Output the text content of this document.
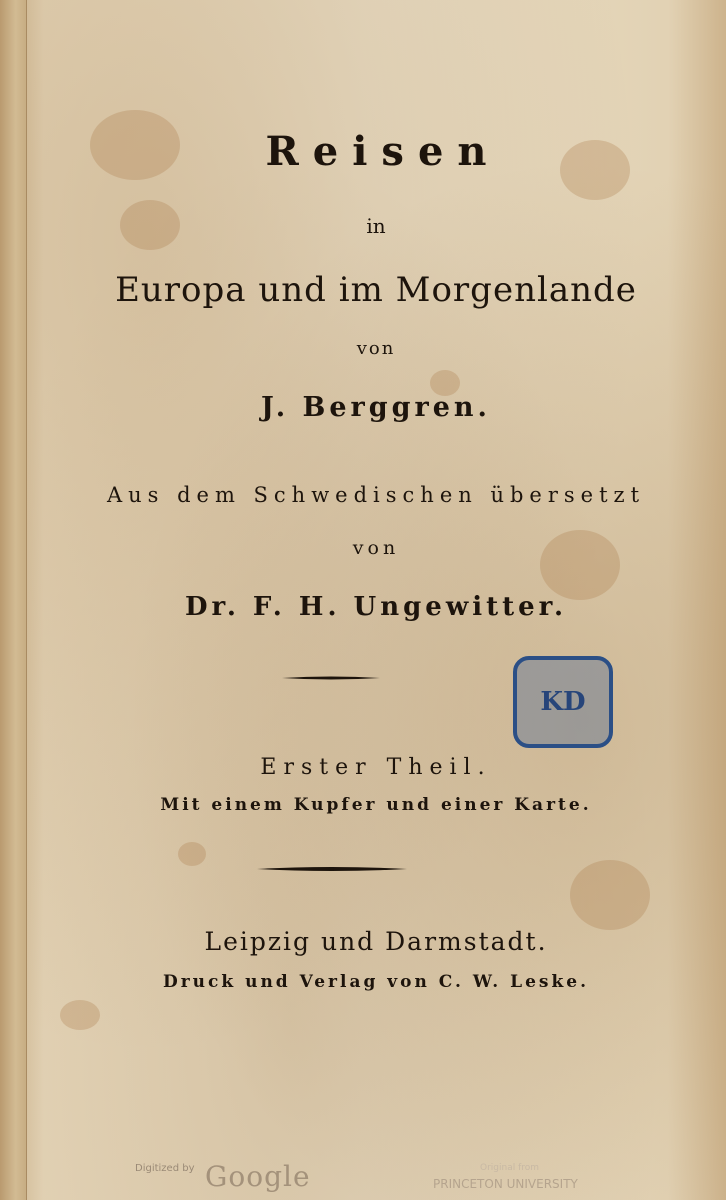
Reisen
in
Europa und im Morgenlande
von
J. Berggren.
Aus dem Schwedischen übersetzt
von
Dr. F. H. Ungewitter.
Erster Theil.
Mit einem Kupfer und einer Karte.
Leipzig und Darmstadt.
Druck und Verlag von C. W. Leske.
KD
Digitized by Google	Original from
PRINCETON UNIVERSITY
